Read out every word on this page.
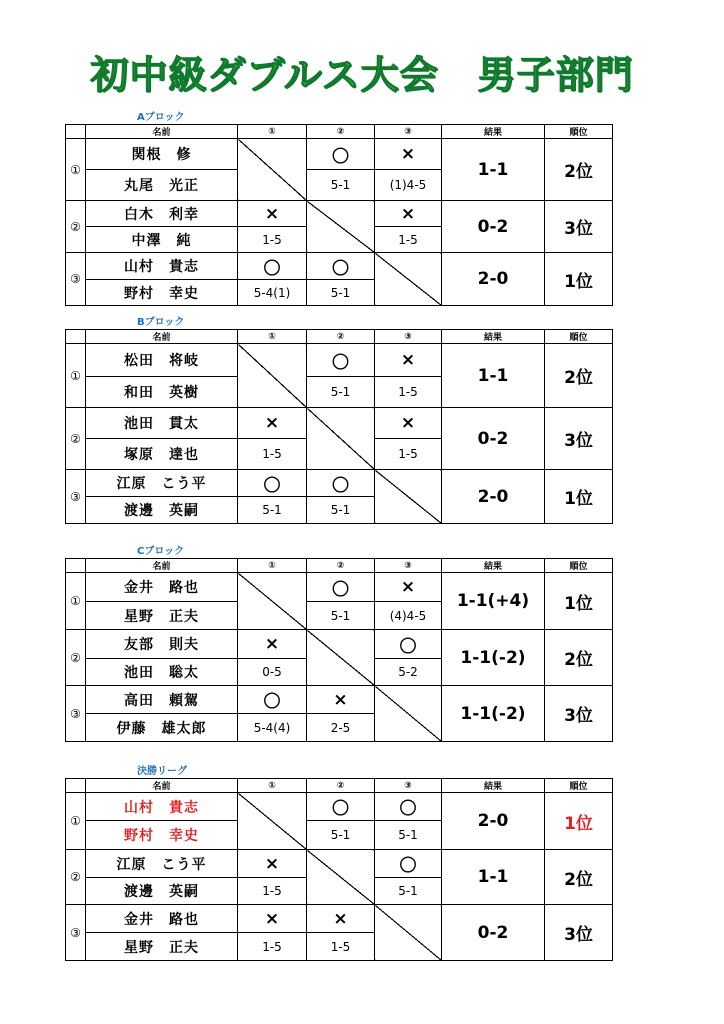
初中級ダブルス大会　男子部門
Aブロック
	名前	①	②	③	結果	順位
①	関根　修		〇	×	1-1	2位
	丸尾　光正		5-1	(1)4-5		
②	白木　利幸	×		×	0-2	3位
	中澤　純	1-5		1-5		
③	山村　貴志	〇	〇		2-0	1位
	野村　幸史	5-4(1)	5-1			
Bブロック
	名前	①	②	③	結果	順位
①	松田　将岐		〇	×	1-1	2位
	和田　英樹		5-1	1-5		
②	池田　貫太	×		×	0-2	3位
	塚原　達也	1-5		1-5		
③	江原　こう平	〇	〇		2-0	1位
	渡邊　英嗣	5-1	5-1			
Cブロック
	名前	①	②	③	結果	順位
①	金井　路也		〇	×	1-1(+4)	1位
	星野　正夫		5-1	(4)4-5		
②	友部　則夫	×		〇	1-1(-2)	2位
	池田　聡太	0-5		5-2		
③	高田　頼駕	〇	×		1-1(-2)	3位
	伊藤　雄太郎	5-4(4)	2-5			
決勝リーグ
	名前	①	②	③	結果	順位
①	山村　貴志		〇	〇	2-0	1位
	野村　幸史		5-1	5-1		
②	江原　こう平	×		〇	1-1	2位
	渡邊　英嗣	1-5		5-1		
③	金井　路也	×	×		0-2	3位
	星野　正夫	1-5	1-5			
